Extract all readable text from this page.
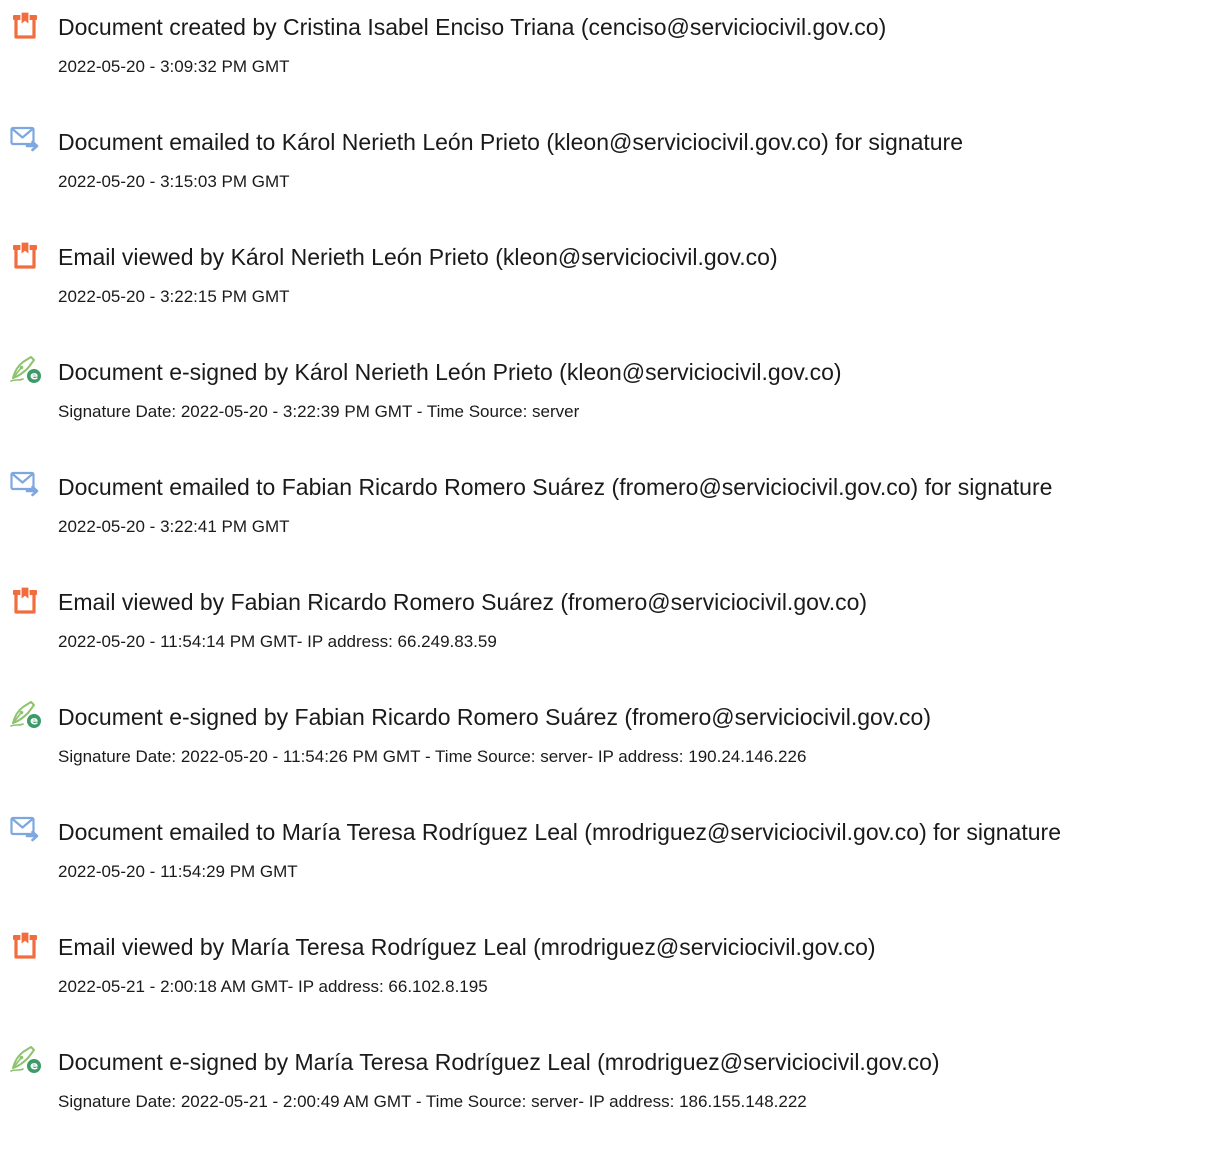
Document created by Cristina Isabel Enciso Triana (cenciso@serviciocivil.gov.co)
2022-05-20 - 3:09:32 PM GMT
Document emailed to Károl Nerieth León Prieto (kleon@serviciocivil.gov.co) for signature
2022-05-20 - 3:15:03 PM GMT
Email viewed by Károl Nerieth León Prieto (kleon@serviciocivil.gov.co)
2022-05-20 - 3:22:15 PM GMT
Document e-signed by Károl Nerieth León Prieto (kleon@serviciocivil.gov.co)
Signature Date: 2022-05-20 - 3:22:39 PM GMT - Time Source: server
Document emailed to Fabian Ricardo Romero Suárez (fromero@serviciocivil.gov.co) for signature
2022-05-20 - 3:22:41 PM GMT
Email viewed by Fabian Ricardo Romero Suárez (fromero@serviciocivil.gov.co)
2022-05-20 - 11:54:14 PM GMT- IP address: 66.249.83.59
Document e-signed by Fabian Ricardo Romero Suárez (fromero@serviciocivil.gov.co)
Signature Date: 2022-05-20 - 11:54:26 PM GMT - Time Source: server- IP address: 190.24.146.226
Document emailed to María Teresa Rodríguez Leal (mrodriguez@serviciocivil.gov.co) for signature
2022-05-20 - 11:54:29 PM GMT
Email viewed by María Teresa Rodríguez Leal (mrodriguez@serviciocivil.gov.co)
2022-05-21 - 2:00:18 AM GMT- IP address: 66.102.8.195
Document e-signed by María Teresa Rodríguez Leal (mrodriguez@serviciocivil.gov.co)
Signature Date: 2022-05-21 - 2:00:49 AM GMT - Time Source: server- IP address: 186.155.148.222
